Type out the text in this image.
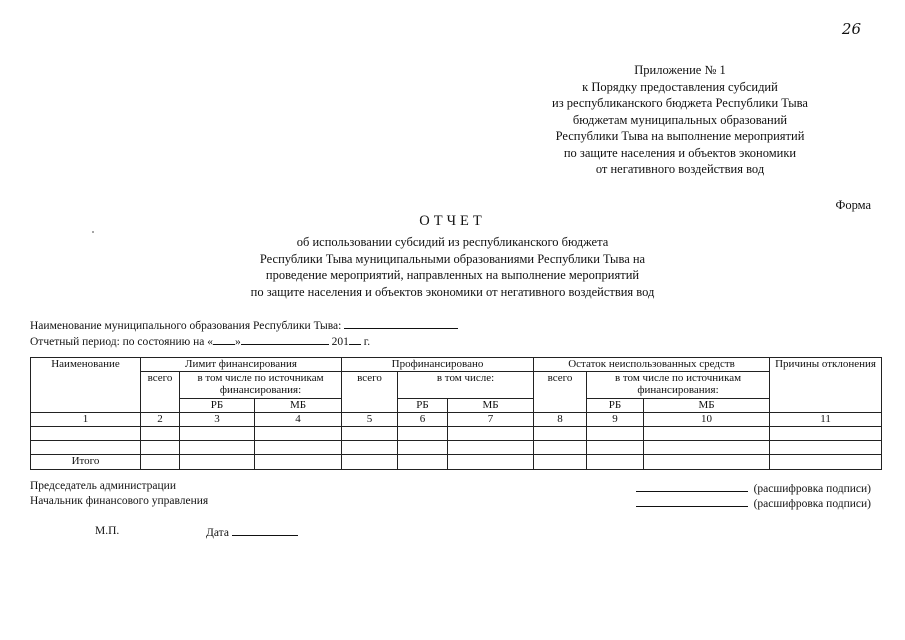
26
Приложение № 1
к Порядку предоставления субсидий
из республиканского бюджета Республики Тыва
бюджетам муниципальных образований
Республики Тыва на выполнение мероприятий
по защите населения и объектов экономики
от негативного воздействия вод
Форма
ОТЧЕТ
об использовании субсидий из республиканского бюджета
Республики Тыва муниципальными образованиями Республики Тыва на
проведение мероприятий, направленных на выполнение мероприятий
по защите населения и объектов экономики от негативного воздействия вод
Наименование муниципального образования Республики Тыва:
Отчетный период: по состоянию на « »	201 г.
Наименование	Лимит финансирования			Профинансировано			Остаток неиспользованных средств			Причины отклонения
	всего	в том числе по источникам финансирования:		всего	в том числе:		всего	в том числе по источникам финансирования:		
		РБ	МБ		РБ	МБ		РБ	МБ	
1	2	3	4	5	6	7	8	9	10	11

Итого										
Председатель администрации
Начальник финансового управления
(расшифровка подписи)
(расшифровка подписи)
М.П.	Дата
